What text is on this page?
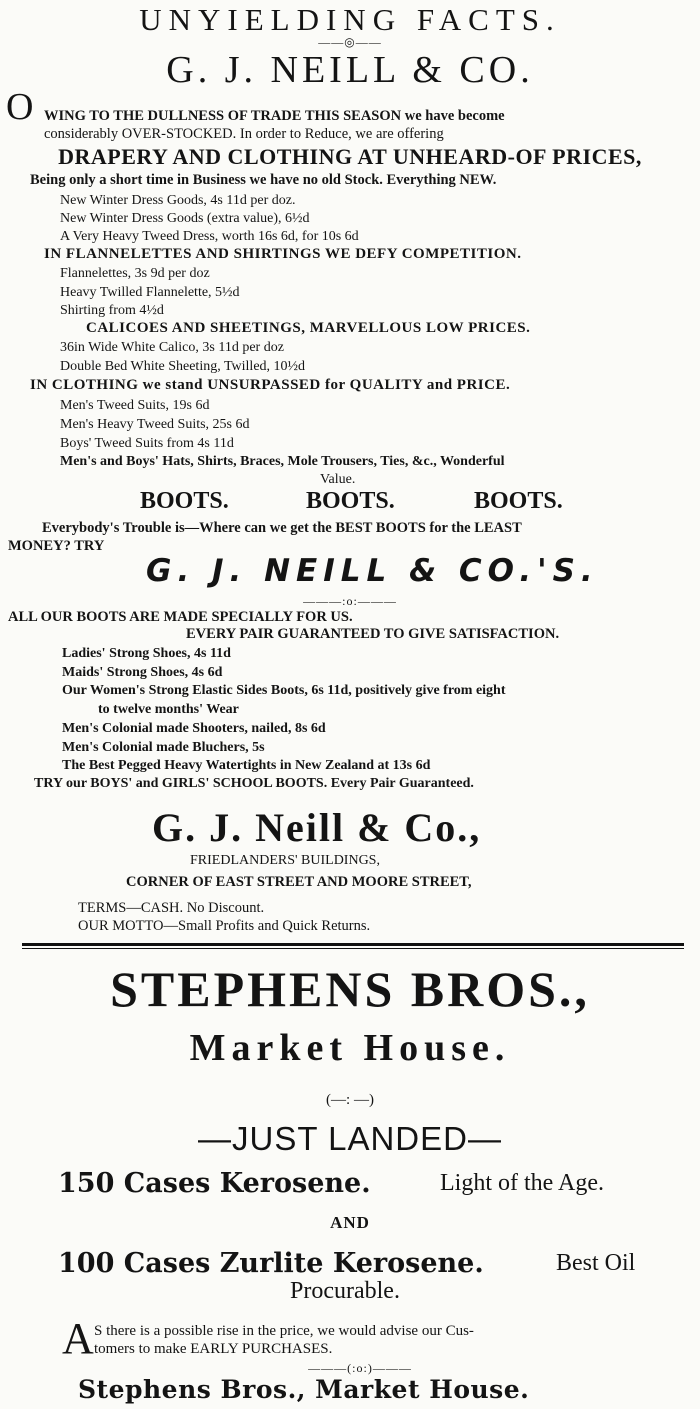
UNYIELDING FACTS.
——◎——
G. J. NEILL & CO.
O WING TO THE DULLNESS OF TRADE THIS SEASON we have become
considerably OVER-STOCKED. In order to Reduce, we are offering
DRAPERY AND CLOTHING AT UNHEARD-OF PRICES,
Being only a short time in Business we have no old Stock. Everything NEW.
New Winter Dress Goods, 4s 11d per doz.
New Winter Dress Goods (extra value), 6½d
A Very Heavy Tweed Dress, worth 16s 6d, for 10s 6d
IN FLANNELETTES AND SHIRTINGS WE DEFY COMPETITION.
Flannelettes, 3s 9d per doz
Heavy Twilled Flannelette, 5½d
Shirting from 4½d
CALICOES AND SHEETINGS, MARVELLOUS LOW PRICES.
36in Wide White Calico, 3s 11d per doz
Double Bed White Sheeting, Twilled, 10½d
IN CLOTHING we stand UNSURPASSED for QUALITY and PRICE.
Men's Tweed Suits, 19s 6d
Men's Heavy Tweed Suits, 25s 6d
Boys' Tweed Suits from 4s 11d
Men's and Boys' Hats, Shirts, Braces, Mole Trousers, Ties, &c., Wonderful
Value.
BOOTS.	BOOTS.	BOOTS.
Everybody's Trouble is—Where can we get the BEST BOOTS for the LEAST
MONEY? TRY
G. J. NEILL & CO.'S.
———:o:———
ALL OUR BOOTS ARE MADE SPECIALLY FOR US.
EVERY PAIR GUARANTEED TO GIVE SATISFACTION.
Ladies' Strong Shoes, 4s 11d
Maids' Strong Shoes, 4s 6d
Our Women's Strong Elastic Sides Boots, 6s 11d, positively give from eight
to twelve months' Wear
Men's Colonial made Shooters, nailed, 8s 6d
Men's Colonial made Bluchers, 5s
The Best Pegged Heavy Watertights in New Zealand at 13s 6d
TRY our BOYS' and GIRLS' SCHOOL BOOTS. Every Pair Guaranteed.
G. J. Neill & Co.,
FRIEDLANDERS' BUILDINGS,
CORNER OF EAST STREET AND MOORE STREET,
TERMS—CASH. No Discount.
OUR MOTTO—Small Profits and Quick Returns.
STEPHENS BROS.,
Market House.
(—: —)
—JUST LANDED—
150 Cases Kerosene.	Light of the Age.
AND
100 Cases Zurlite Kerosene.	Best Oil
Procurable.
A S there is a possible rise in the price, we would advise our Cus-
tomers to make EARLY PURCHASES.
———(:o:)———
Stephens Bros., Market House.
